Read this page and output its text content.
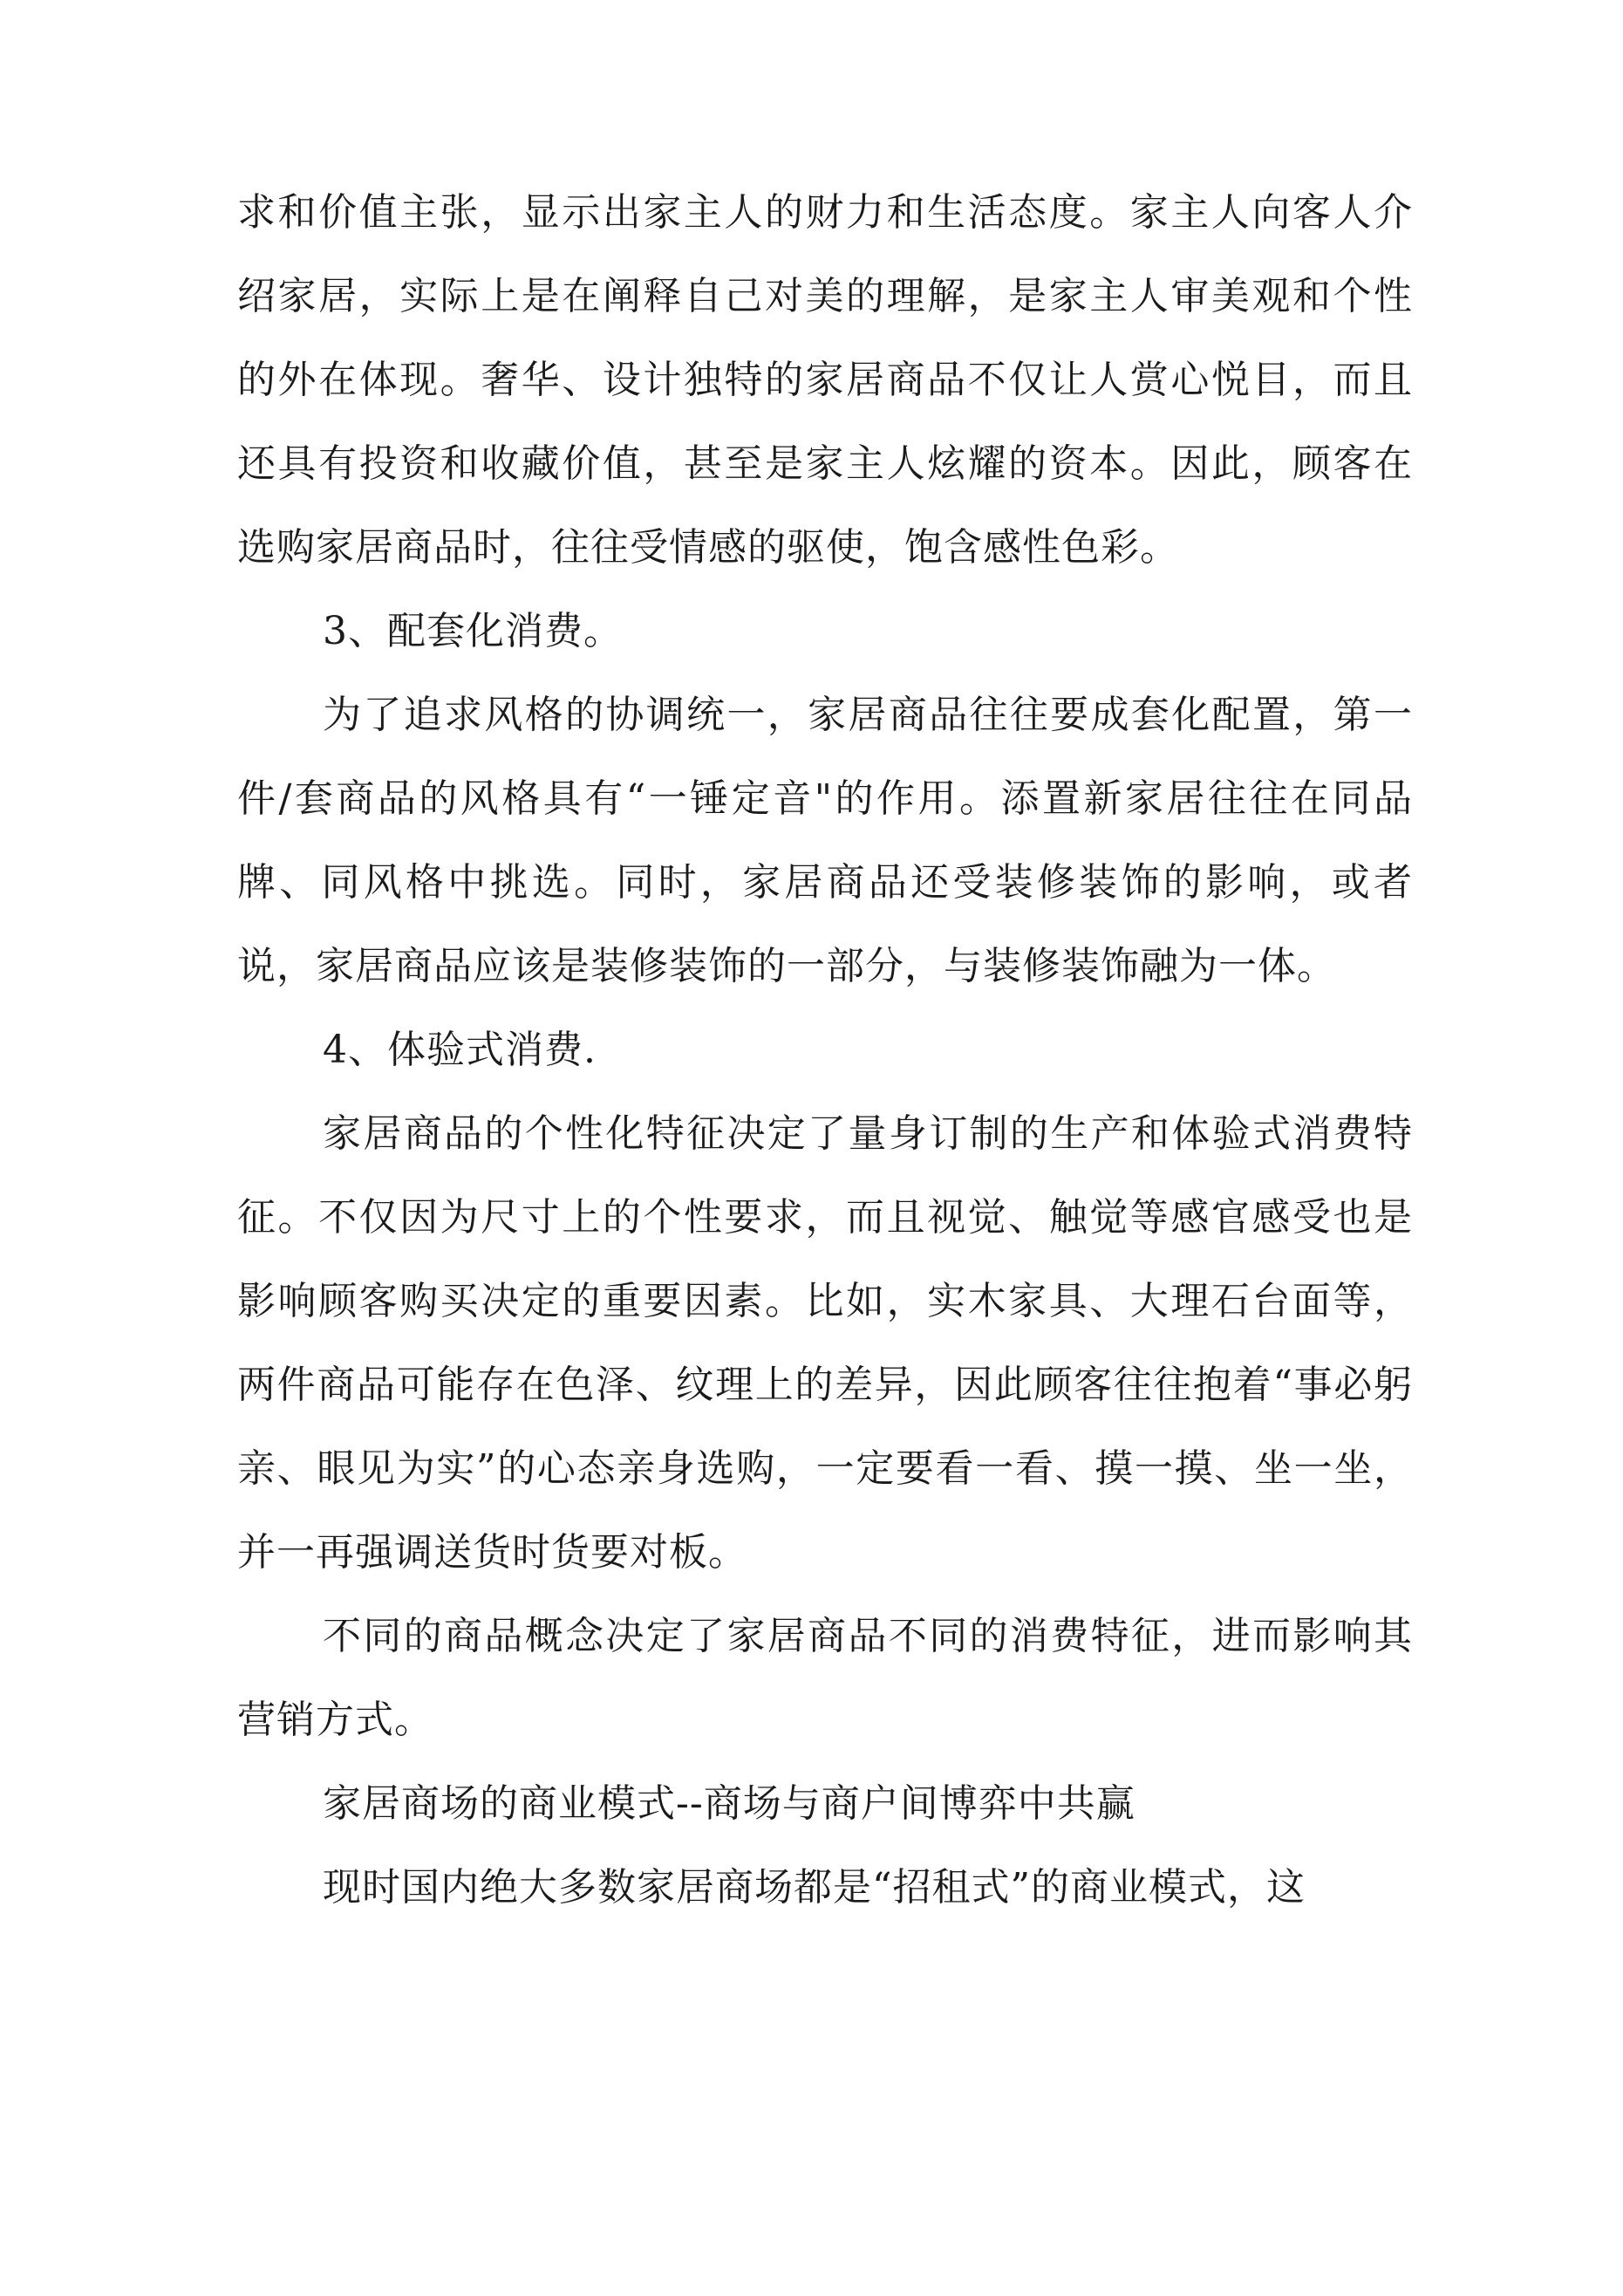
求和价值主张，显示出家主人的财力和生活态度。家主人向客人介绍家居，实际上是在阐释自己对美的理解，是家主人审美观和个性的外在体现。奢华、设计独特的家居商品不仅让人赏心悦目，而且还具有投资和收藏价值，甚至是家主人炫耀的资本。因此，顾客在选购家居商品时，往往受情感的驱使，饱含感性色彩。

3、配套化消费。

为了追求风格的协调统一，家居商品往往要成套化配置，第一件/套商品的风格具有“一锤定音"的作用。添置新家居往往在同品牌、同风格中挑选。同时，家居商品还受装修装饰的影响，或者说，家居商品应该是装修装饰的一部分，与装修装饰融为一体。

4、体验式消费.

家居商品的个性化特征决定了量身订制的生产和体验式消费特征。不仅因为尺寸上的个性要求，而且视觉、触觉等感官感受也是影响顾客购买决定的重要因素。比如，实木家具、大理石台面等，两件商品可能存在色泽、纹理上的差异，因此顾客往往抱着“事必躬亲、眼见为实”的心态亲身选购，一定要看一看、摸一摸、坐一坐，并一再强调送货时货要对板。

不同的商品概念决定了家居商品不同的消费特征，进而影响其营销方式。

家居商场的商业模式--商场与商户间博弈中共赢

现时国内绝大多数家居商场都是“招租式”的商业模式，这
